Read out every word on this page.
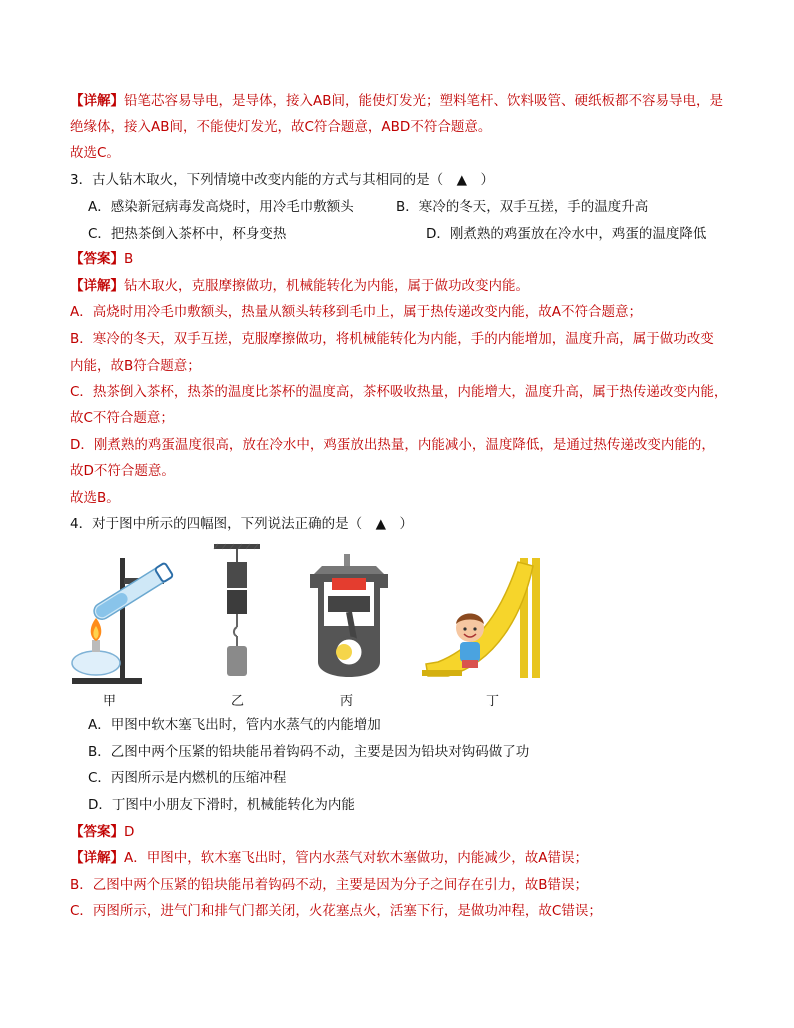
【详解】铅笔芯容易导电，是导体，接入AB间，能使灯发光；塑料笔杆、饮料吸管、硬纸板都不容易导电，是
绝缘体，接入AB间，不能使灯发光，故C符合题意，ABD不符合题意。
故选C。
3．古人钻木取火，下列情境中改变内能的方式与其相同的是（　▲　）
A．感染新冠病毒发高烧时，用冷毛巾敷额头	B．寒冷的冬天，双手互搓，手的温度升高
C．把热茶倒入茶杯中，杯身变热	D．刚煮熟的鸡蛋放在冷水中，鸡蛋的温度降低
【答案】B
【详解】钻木取火，克服摩擦做功，机械能转化为内能，属于做功改变内能。
A．高烧时用冷毛巾敷额头，热量从额头转移到毛巾上，属于热传递改变内能，故A不符合题意；
B．寒冷的冬天，双手互搓，克服摩擦做功，将机械能转化为内能，手的内能增加，温度升高，属于做功改变
内能，故B符合题意；
C．热茶倒入茶杯，热茶的温度比茶杯的温度高，茶杯吸收热量，内能增大，温度升高，属于热传递改变内能，
故C不符合题意；
D．刚煮熟的鸡蛋温度很高，放在冷水中，鸡蛋放出热量，内能减小，温度降低，是通过热传递改变内能的，
故D不符合题意。
故选B。
4．对于图中所示的四幅图，下列说法正确的是（　▲　）
甲	乙	丙	丁
A．甲图中软木塞飞出时，管内水蒸气的内能增加
B．乙图中两个压紧的铅块能吊着钩码不动，主要是因为铅块对钩码做了功
C．丙图所示是内燃机的压缩冲程
D．丁图中小朋友下滑时，机械能转化为内能
【答案】D
【详解】A．甲图中，软木塞飞出时，管内水蒸气对软木塞做功，内能减少，故A错误；
B．乙图中两个压紧的铅块能吊着钩码不动，主要是因为分子之间存在引力，故B错误；
C．丙图所示，进气门和排气门都关闭，火花塞点火，活塞下行，是做功冲程，故C错误；
